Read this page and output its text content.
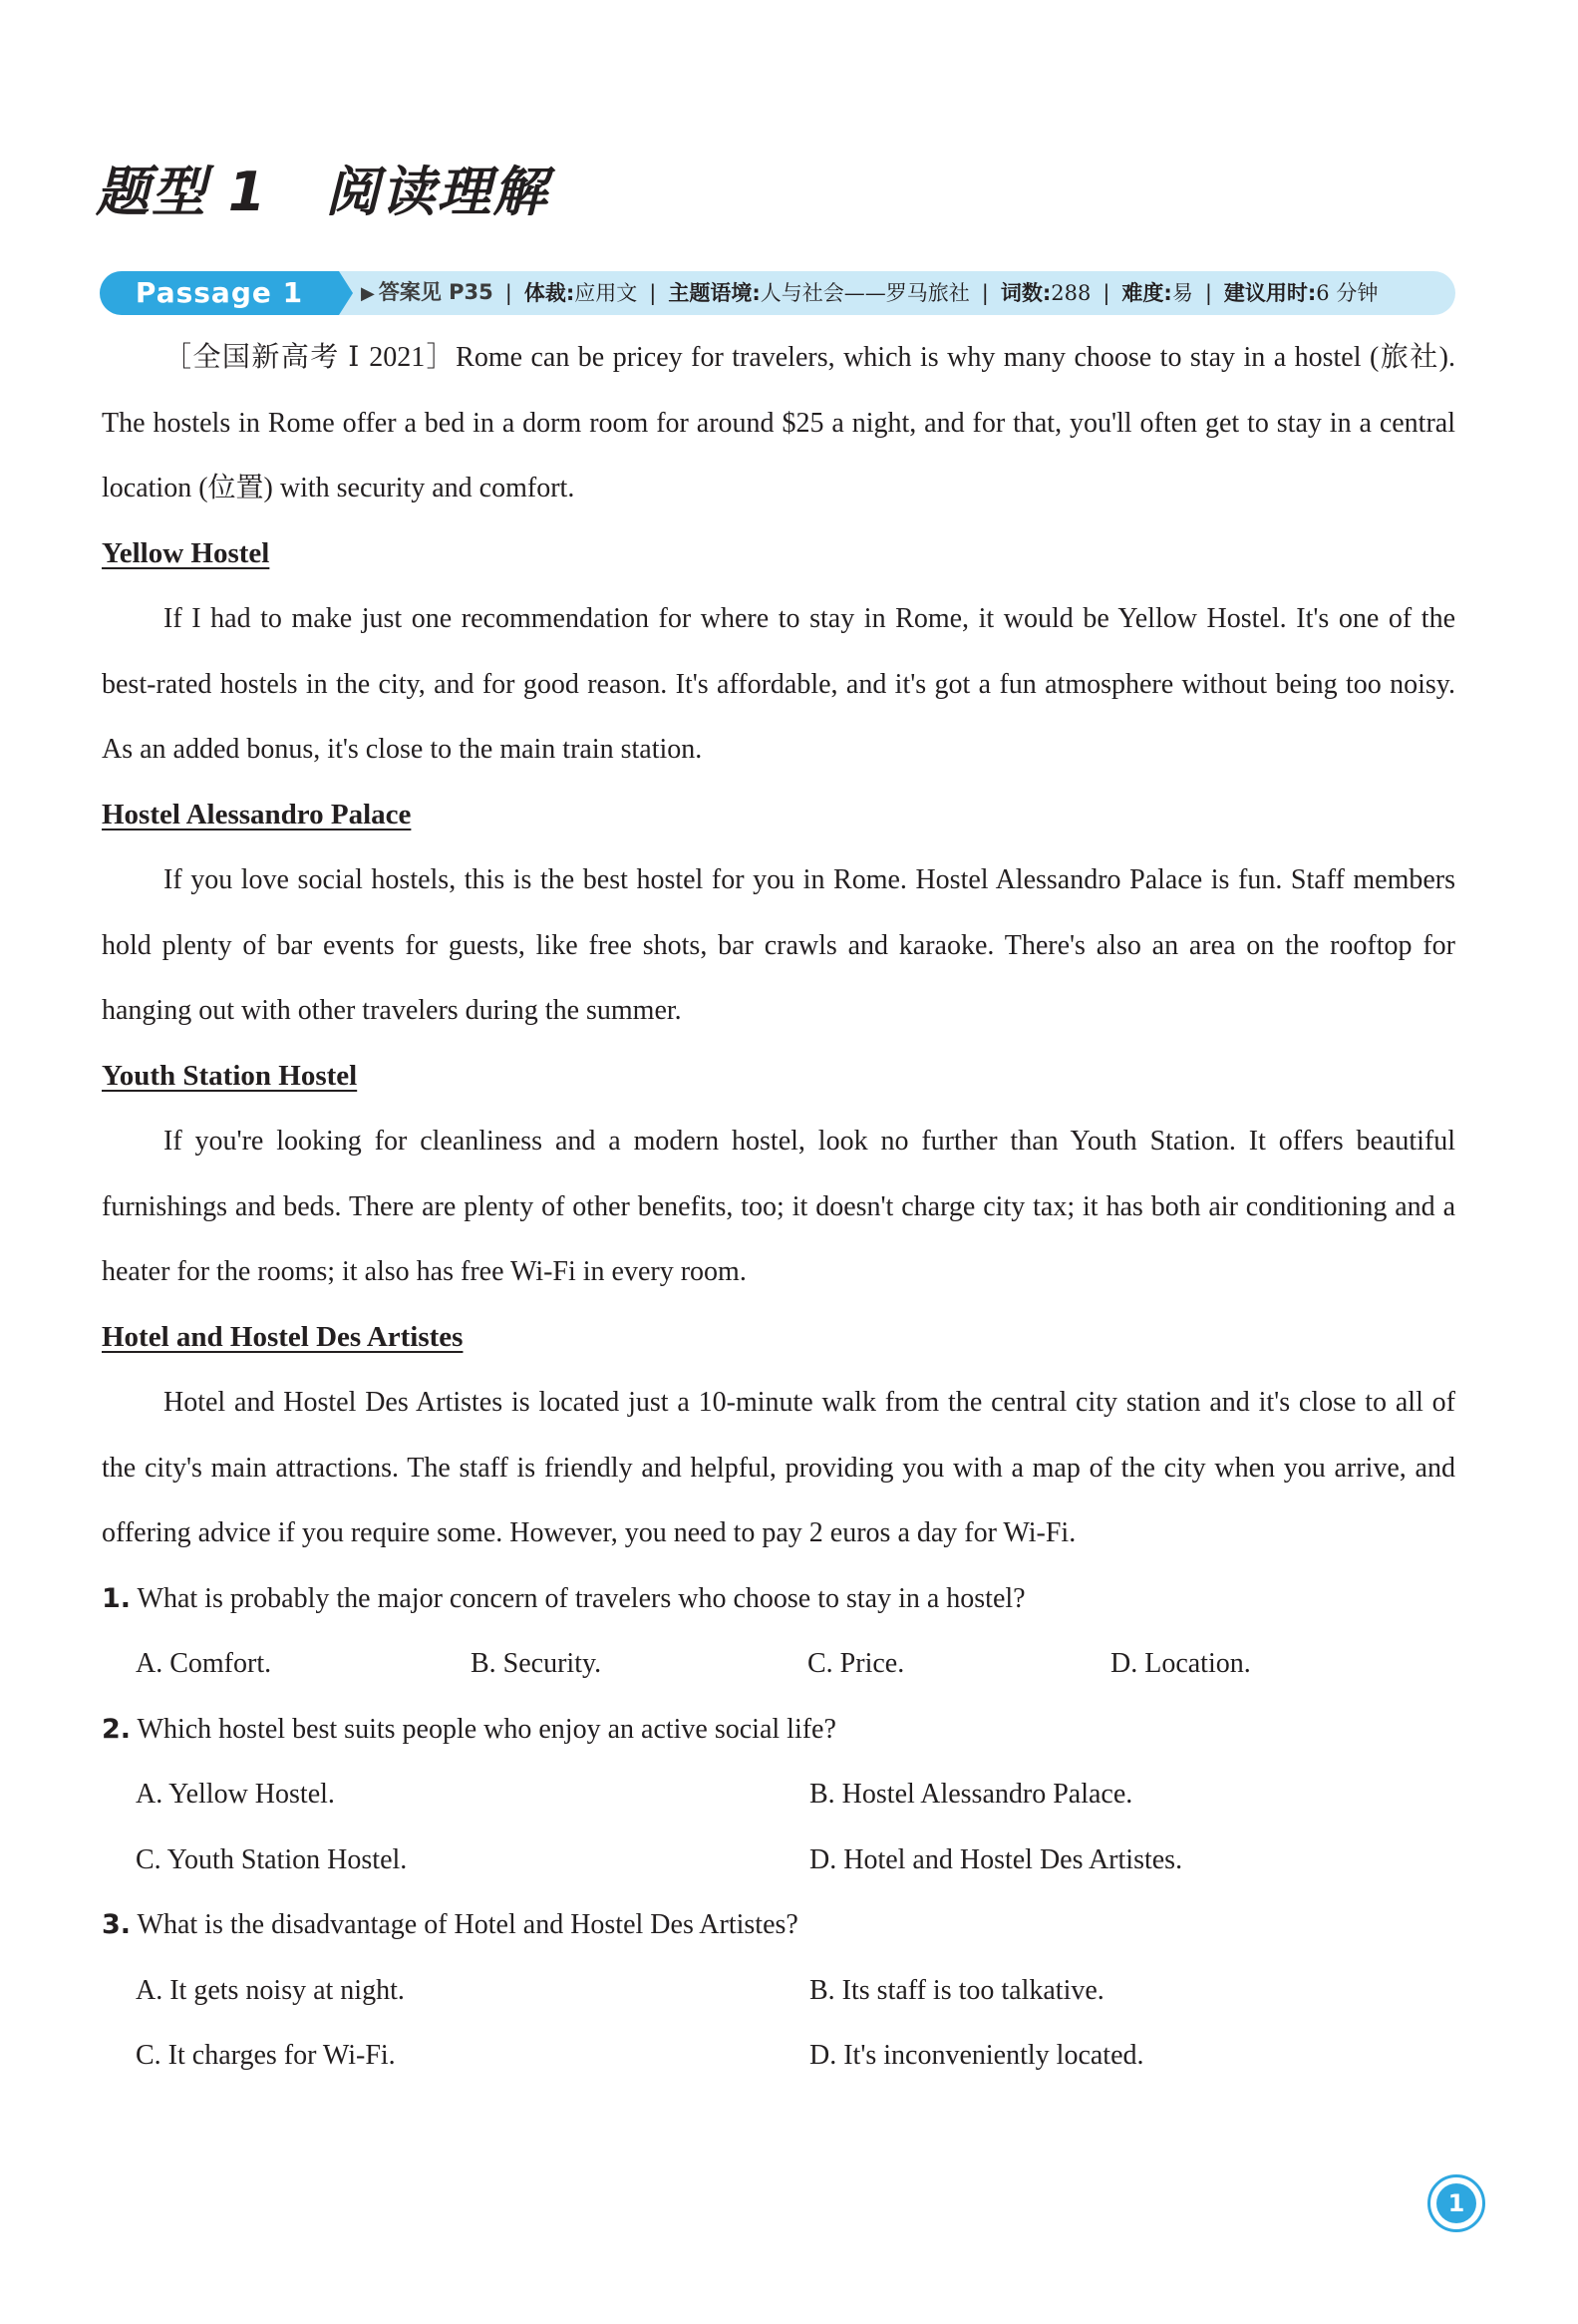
题型 1 阅读理解
Passage 1	▶ 答案见 P35 | 体裁:应用文 | 主题语境:人与社会——罗马旅社 | 词数:288 | 难度:易 | 建议用时:6 分钟

［全国新高考 Ⅰ 2021］Rome can be pricey for travelers, which is why many choose to stay in a hostel (旅社). The hostels in Rome offer a bed in a dorm room for around $25 a night, and for that, you'll often get to stay in a central location (位置) with security and comfort.

Yellow Hostel

If I had to make just one recommendation for where to stay in Rome, it would be Yellow Hostel. It's one of the best-rated hostels in the city, and for good reason. It's affordable, and it's got a fun atmosphere without being too noisy. As an added bonus, it's close to the main train station.

Hostel Alessandro Palace

If you love social hostels, this is the best hostel for you in Rome. Hostel Alessandro Palace is fun. Staff members hold plenty of bar events for guests, like free shots, bar crawls and karaoke. There's also an area on the rooftop for hanging out with other travelers during the summer.

Youth Station Hostel

If you're looking for cleanliness and a modern hostel, look no further than Youth Station. It offers beautiful furnishings and beds. There are plenty of other benefits, too; it doesn't charge city tax; it has both air conditioning and a heater for the rooms; it also has free Wi-Fi in every room.

Hotel and Hostel Des Artistes

Hotel and Hostel Des Artistes is located just a 10-minute walk from the central city station and it's close to all of the city's main attractions. The staff is friendly and helpful, providing you with a map of the city when you arrive, and offering advice if you require some. However, you need to pay 2 euros a day for Wi-Fi.

1. What is probably the major concern of travelers who choose to stay in a hostel?

A. Comfort.	B. Security.	C. Price.	D. Location.

2. Which hostel best suits people who enjoy an active social life?

A. Yellow Hostel.	B. Hostel Alessandro Palace.
C. Youth Station Hostel.	D. Hotel and Hostel Des Artistes.

3. What is the disadvantage of Hotel and Hostel Des Artistes?

A. It gets noisy at night.	B. Its staff is too talkative.
C. It charges for Wi-Fi.	D. It's inconveniently located.
1
